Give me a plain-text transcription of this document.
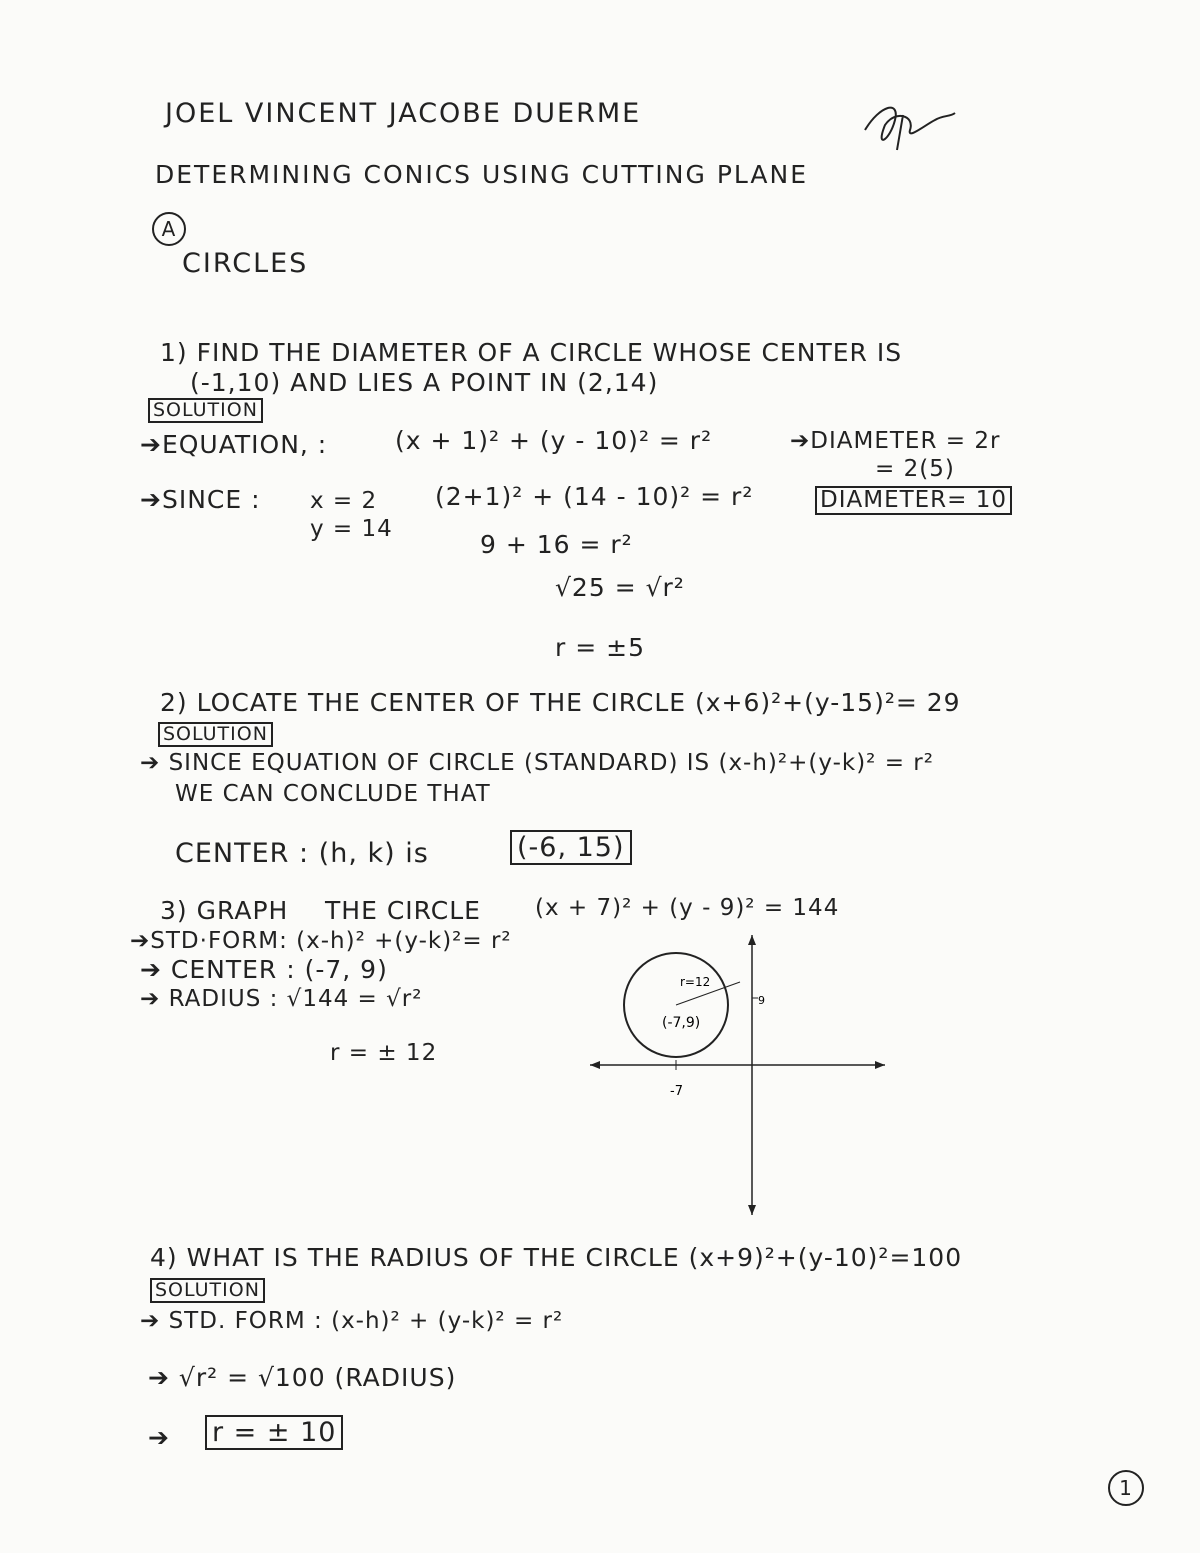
JOEL VINCENT JACOBE DUERME
DETERMINING CONICS USING CUTTING PLANE
A
CIRCLES
1) FIND THE DIAMETER OF A CIRCLE WHOSE CENTER IS
(-1,10) AND LIES A POINT IN (2,14)
SOLUTION
➔EQUATION, :	(x + 1)² + (y - 10)² = r²
➔SINCE : x = 2
y = 14
(2+1)² + (14 - 10)² = r²
9 + 16 = r²
√25 = √r²
r = ±5
➔DIAMETER = 2r
= 2(5)
DIAMETER= 10
2) LOCATE THE CENTER OF THE CIRCLE (x+6)²+(y-15)²= 29
SOLUTION
➔ SINCE EQUATION OF CIRCLE (STANDARD) IS (x-h)²+(y-k)² = r²
WE CAN CONCLUDE THAT
CENTER : (h, k) is	(-6, 15)
3) GRAPH THE CIRCLE (x + 7)² + (y - 9)² = 144
➔STD·FORM: (x-h)² +(y-k)²= r²
➔ CENTER : (-7, 9)
➔ RADIUS : √144 = √r²
r = ± 12
r=12
(-7,9)
9
-7
4) WHAT IS THE RADIUS OF THE CIRCLE (x+9)²+(y-10)²=100
SOLUTION
➔ STD. FORM : (x-h)² + (y-k)² = r²
➔ √r² = √100 (RADIUS)
➔ r = ± 10
1
